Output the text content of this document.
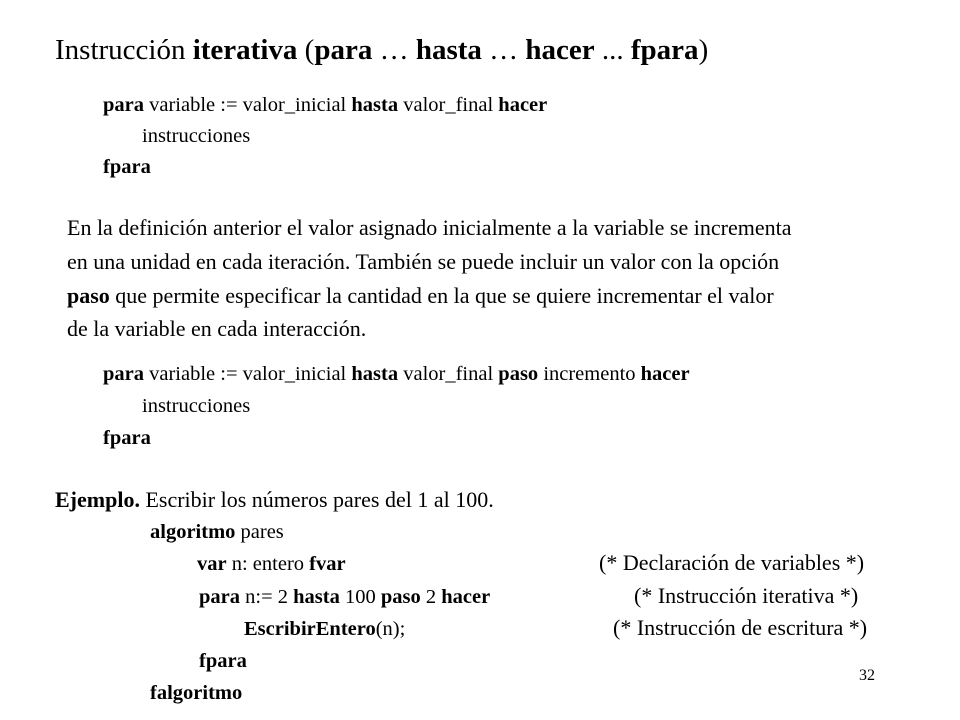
Instrucción iterativa (para … hasta … hacer ... fpara)
para variable := valor_inicial hasta valor_final hacer
instrucciones
fpara
En la definición anterior el valor asignado inicialmente a la variable se incrementa
en una unidad en cada iteración. También se puede incluir un valor con la opción
paso que permite especificar la cantidad en la que se quiere incrementar el valor
de la variable en cada interacción.
para variable := valor_inicial hasta valor_final paso incremento hacer
instrucciones
fpara
Ejemplo. Escribir los números pares del 1 al 100.
algoritmo pares
var n: entero fvar	(* Declaración de variables *)
para n:= 2 hasta 100 paso 2 hacer	(* Instrucción iterativa *)
EscribirEntero(n);	(* Instrucción de escritura *)
fpara
falgoritmo
32
